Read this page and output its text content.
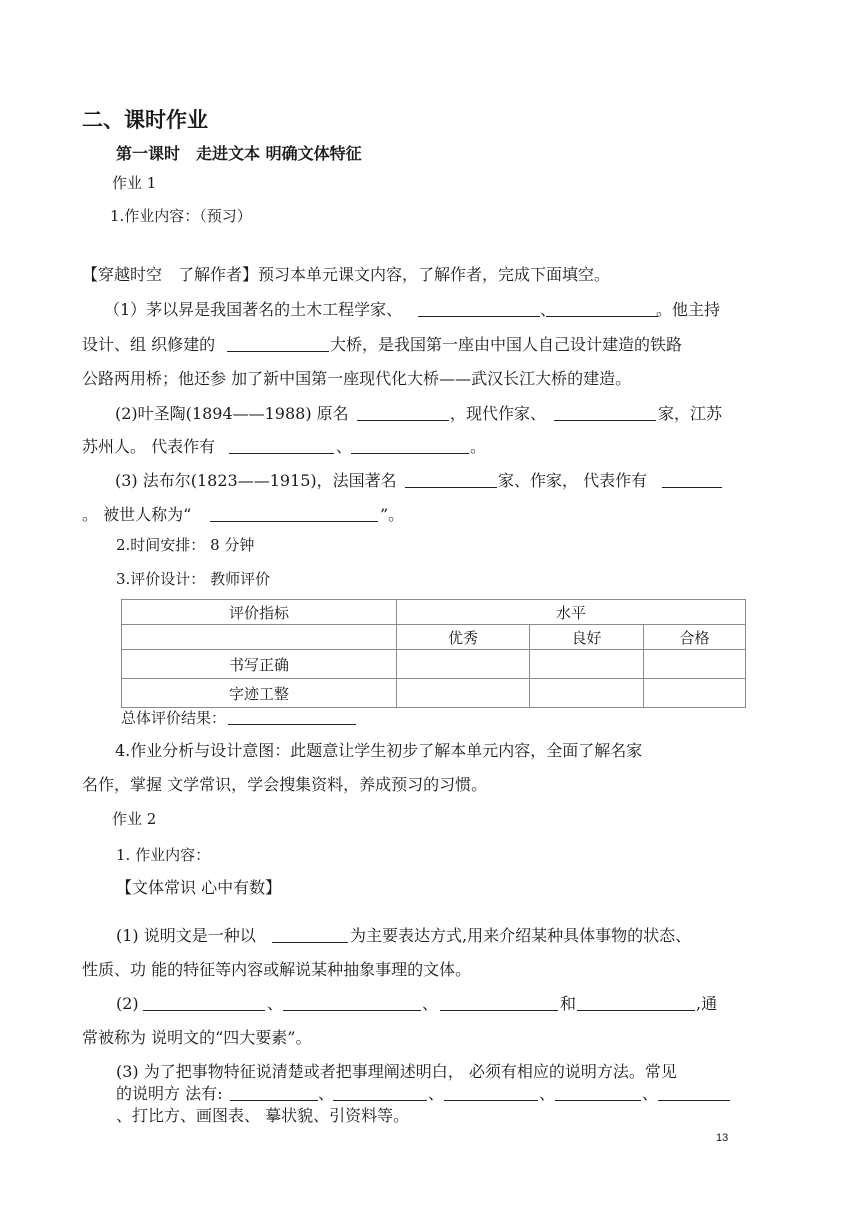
二、课时作业
第一课时　走进文本 明确文体特征
作业 1
1.作业内容：（预习）
【穿越时空　了解作者】预习本单元课文内容，了解作者，完成下面填空。
（1）茅以昇是我国著名的土木工程学家、	、	。他主持
设计、组 织修建的	大桥，是我国第一座由中国人自己设计建造的铁路
公路两用桥；他还参 加了新中国第一座现代化大桥——武汉长江大桥的建造。
(2)叶圣陶(1894——1988) 原名	，现代作家、	家，江苏
苏州人。 代表作有	、	。
(3) 法布尔(1823——1915)，法国著名	家、作家， 代表作有
。 被世人称为“	”。
2.时间安排： 8 分钟
3.评价设计： 教师评价
评价指标	水平		
	优秀	良好	合格
书写正确			
字迹工整			
总体评价结果：
4.作业分析与设计意图：此题意让学生初步了解本单元内容，全面了解名家
名作，掌握 文学常识，学会搜集资料，养成预习的习惯。
作业 2
1. 作业内容：
【文体常识 心中有数】
(1) 说明文是一种以	为主要表达方式,用来介绍某种具体事物的状态、
性质、功 能的特征等内容或解说某种抽象事理的文体。
(2)	、	、	和	,通
常被称为 说明文的“四大要素”。
(3) 为了把事物特征说清楚或者把事理阐述明白， 必须有相应的说明方法。常见
的说明方 法有:	、	、	、	、
、打比方、画图表、 摹状貌、引资料等。
13
